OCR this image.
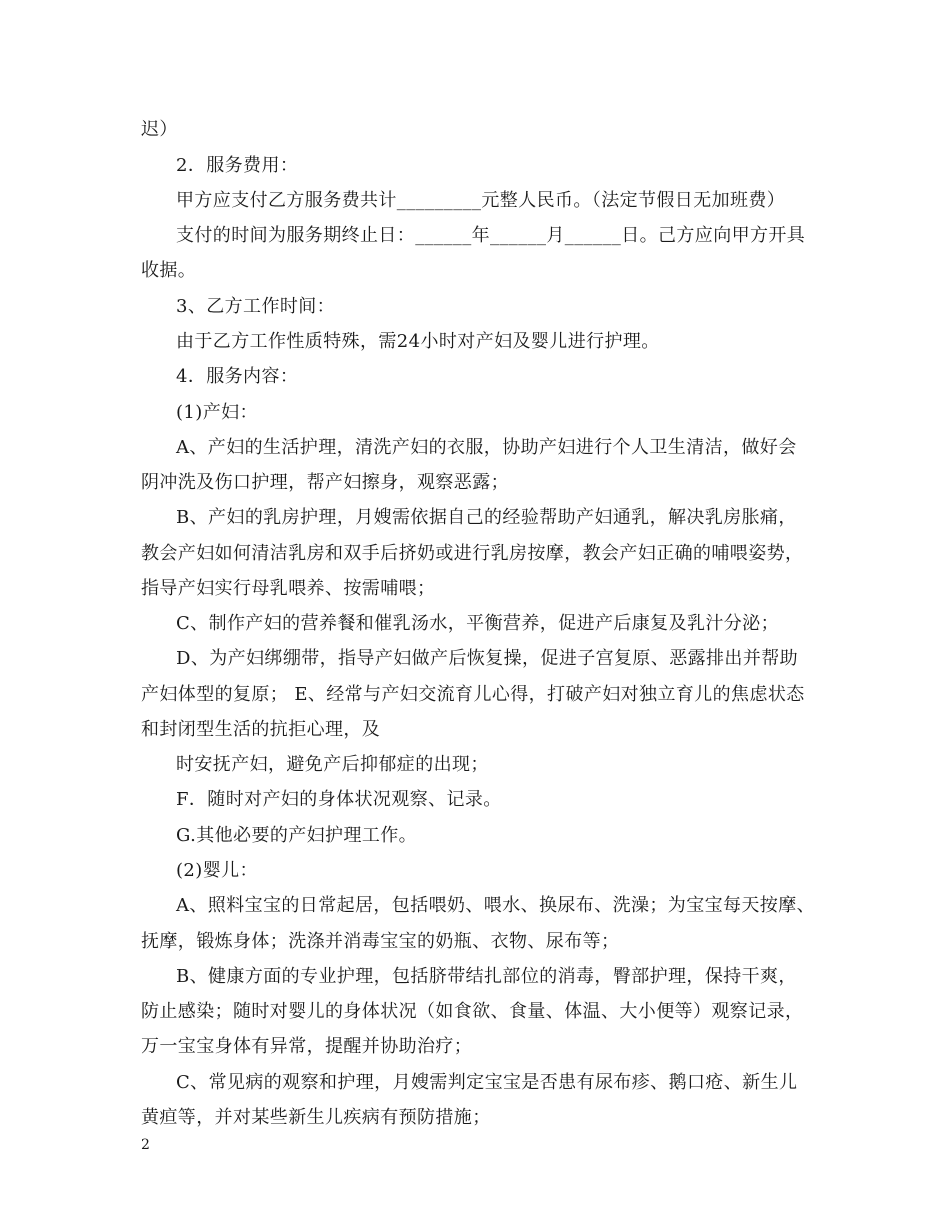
迟）
2．服务费用：
甲方应支付乙方服务费共计_________元整人民币。（法定节假日无加班费）
支付的时间为服务期终止日：______年______月______日。己方应向甲方开具
收据。
3、乙方工作时间：
由于乙方工作性质特殊，需24小时对产妇及婴儿进行护理。
4．服务内容：
(1)产妇：
A、产妇的生活护理，清洗产妇的衣服，协助产妇进行个人卫生清洁，做好会
阴冲洗及伤口护理，帮产妇擦身，观察恶露；
B、产妇的乳房护理，月嫂需依据自己的经验帮助产妇通乳，解决乳房胀痛，
教会产妇如何清洁乳房和双手后挤奶或进行乳房按摩，教会产妇正确的哺喂姿势，
指导产妇实行母乳喂养、按需哺喂；
C、制作产妇的营养餐和催乳汤水，平衡营养，促进产后康复及乳汁分泌；
D、为产妇绑绷带，指导产妇做产后恢复操，促进子宫复原、恶露排出并帮助
产妇体型的复原； E、经常与产妇交流育儿心得，打破产妇对独立育儿的焦虑状态
和封闭型生活的抗拒心理，及
时安抚产妇，避免产后抑郁症的出现；
F．随时对产妇的身体状况观察、记录。
G.其他必要的产妇护理工作。
(2)婴儿：
A、照料宝宝的日常起居，包括喂奶、喂水、换尿布、洗澡；为宝宝每天按摩、
抚摩，锻炼身体；洗涤并消毒宝宝的奶瓶、衣物、尿布等；
B、健康方面的专业护理，包括脐带结扎部位的消毒，臀部护理，保持干爽，
防止感染；随时对婴儿的身体状况（如食欲、食量、体温、大小便等）观察记录，
万一宝宝身体有异常，提醒并协助治疗；
C、常见病的观察和护理，月嫂需判定宝宝是否患有尿布疹、鹅口疮、新生儿
黄疸等，并对某些新生儿疾病有预防措施；
2
